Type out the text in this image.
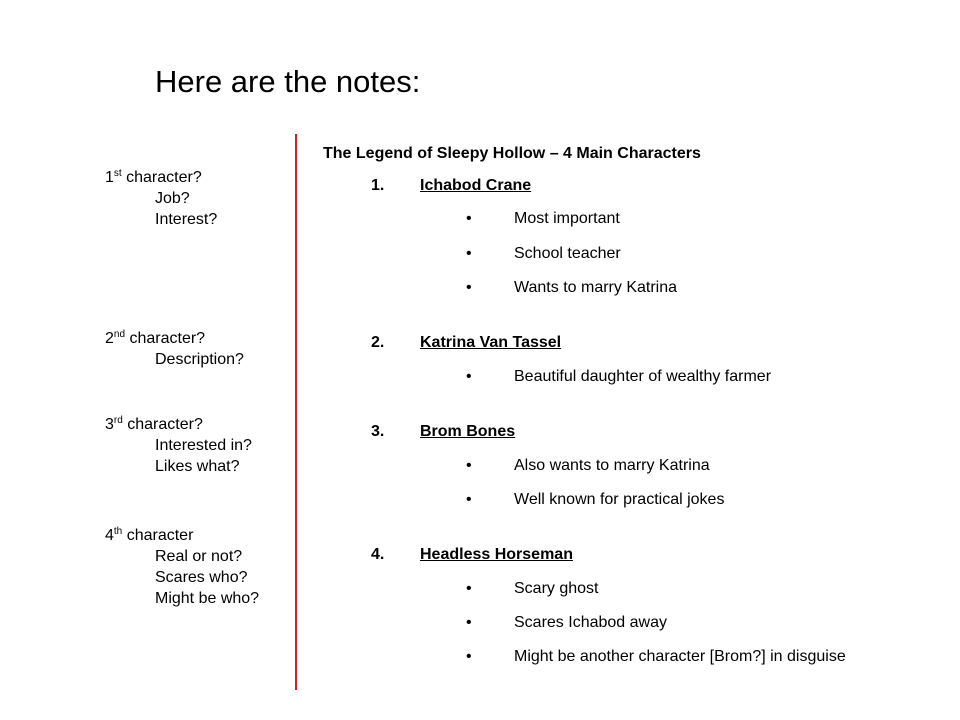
Here are the notes:
1st character?
Job?
Interest?
2nd character?
Description?
3rd character?
Interested in?
Likes what?
4th character
Real or not?
Scares who?
Might be who?
The Legend of Sleepy Hollow – 4 Main Characters
1. Ichabod Crane
•	Most important
•	School teacher
•	Wants to marry Katrina
2. Katrina Van Tassel
•	Beautiful daughter of wealthy farmer
3. Brom Bones
•	Also wants to marry Katrina
•	Well known for practical jokes
4. Headless Horseman
•	Scary ghost
•	Scares Ichabod away
•	Might be another character [Brom?] in disguise
